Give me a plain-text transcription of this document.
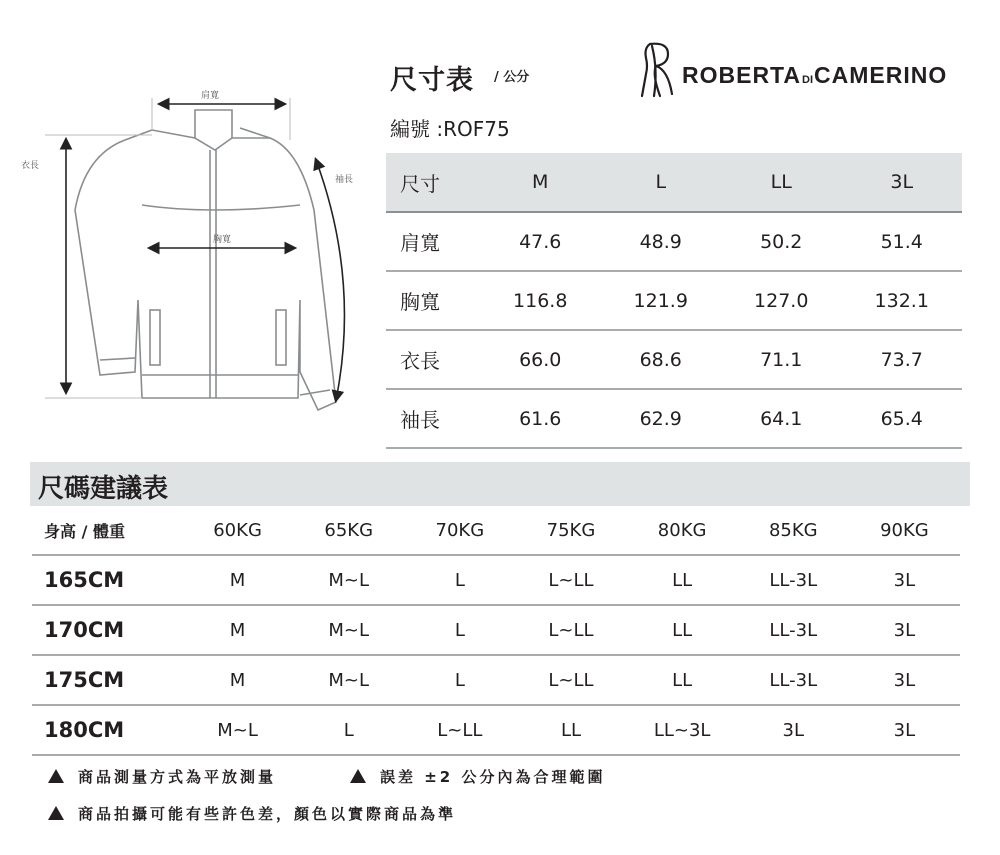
肩寬
胸寬
衣長
袖長
尺寸表 / 公分
編號 :ROF75
ROBERTADICAMERINO
尺寸	M	L	LL	3L
肩寬	47.6	48.9	50.2	51.4
胸寬	116.8	121.9	127.0	132.1
衣長	66.0	68.6	71.1	73.7
袖長	61.6	62.9	64.1	65.4
尺碼建議表
身高 / 體重	60KG	65KG	70KG	75KG	80KG	85KG	90KG
165CM	M	M~L	L	L~LL	LL	LL-3L	3L
170CM	M	M~L	L	L~LL	LL	LL-3L	3L
175CM	M	M~L	L	L~LL	LL	LL-3L	3L
180CM	M~L	L	L~LL	LL	LL~3L	3L	3L
商品測量方式為平放測量	誤差 ±2 公分內為合理範圍
商品拍攝可能有些許色差，顏色以實際商品為準
